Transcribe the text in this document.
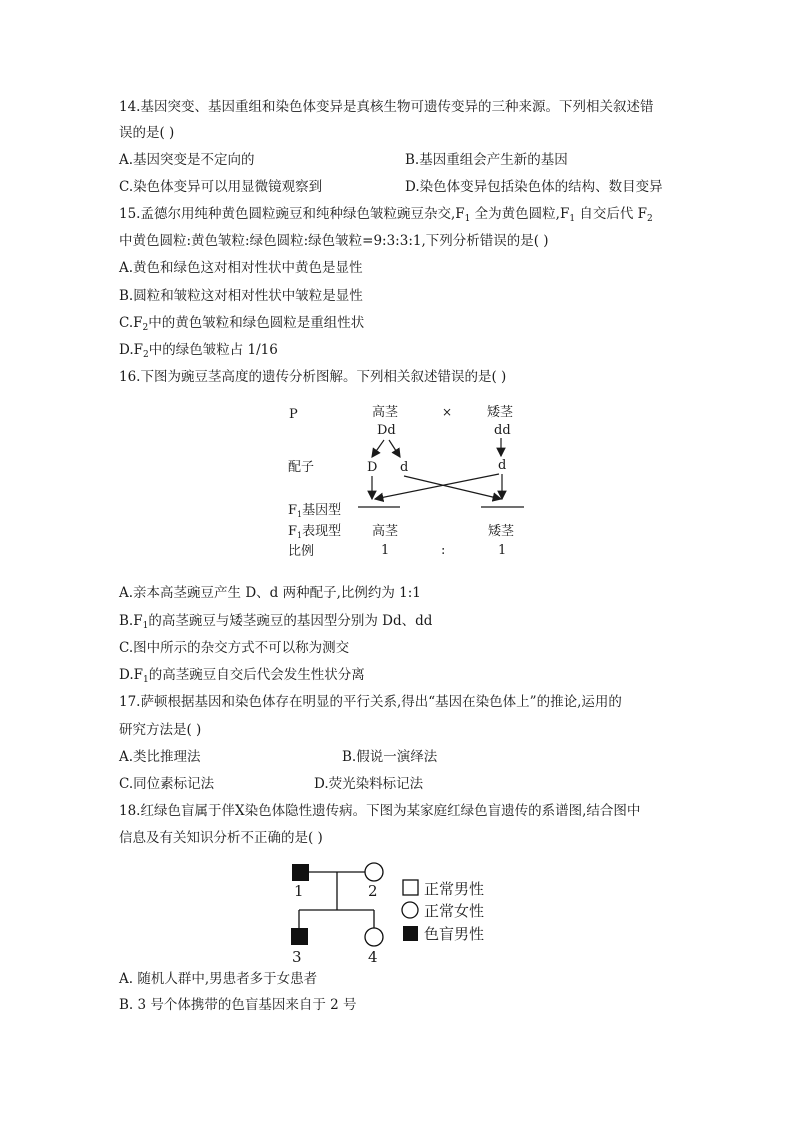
14.基因突变、基因重组和染色体变异是真核生物可遗传变异的三种来源。下列相关叙述错
误的是( )
A.基因突变是不定向的	B.基因重组会产生新的基因
C.染色体变异可以用显微镜观察到	D.染色体变异包括染色体的结构、数目变异
15.孟德尔用纯种黄色圆粒豌豆和纯种绿色皱粒豌豆杂交$,F_1$ 全为黄色圆粒$,F_1$ 自交后代 $F_2$
中黄色圆粒:黄色皱粒:绿色圆粒:绿色皱粒=9:3:3:1,下列分析错误的是( )
A.黄色和绿色这对相对性状中黄色是显性
B.圆粒和皱粒这对相对性状中皱粒是显性
$C.F_2$中的黄色皱粒和绿色圆粒是重组性状
$D.F_2$中的绿色皱粒占 1/16
16.下图为豌豆茎高度的遗传分析图解。下列相关叙述错误的是( )
P	高茎	×	矮茎
Dd	dd
配子	D d	d
$F_1$基因型
$F_1$表现型 高茎	矮茎
比例	1	:	1
A.亲本高茎豌豆产生 D、d 两种配子,比例约为 1:1
$B.F_1$的高茎豌豆与矮茎豌豆的基因型分别为 Dd、dd
C.图中所示的杂交方式不可以称为测交
$D.F_1$的高茎豌豆自交后代会发生性状分离
17.萨顿根据基因和染色体存在明显的平行关系,得出“基因在染色体上”的推论,运用的
研究方法是( )
A.类比推理法	B.假说一演绎法
C.同位素标记法	D.荧光染料标记法
18.红绿色盲属于伴X染色体隐性遗传病。下图为某家庭红绿色盲遗传的系谱图,结合图中
信息及有关知识分析不正确的是( )
1	2
3	4
正常男性
正常女性
色盲男性
A. 随机人群中,男患者多于女患者
B. 3 号个体携带的色盲基因来自于 2 号
